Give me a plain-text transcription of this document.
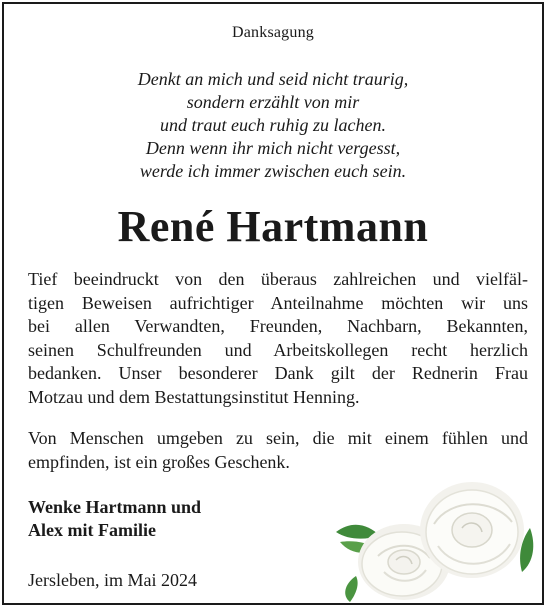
Danksagung
Denkt an mich und seid nicht traurig,
sondern erzählt von mir
und traut euch ruhig zu lachen.
Denn wenn ihr mich nicht vergesst,
werde ich immer zwischen euch sein.
René Hartmann
Tief beeindruckt von den überaus zahlreichen und vielfäl-
tigen Beweisen aufrichtiger Anteilnahme möchten wir uns
bei allen Verwandten, Freunden, Nachbarn, Bekannten,
seinen Schulfreunden und Arbeitskollegen recht herzlich
bedanken. Unser besonderer Dank gilt der Rednerin Frau
Motzau und dem Bestattungsinstitut Henning.
Von Menschen umgeben zu sein, die mit einem fühlen und
empfinden, ist ein großes Geschenk.
Wenke Hartmann und
Alex mit Familie
Jersleben, im Mai 2024
